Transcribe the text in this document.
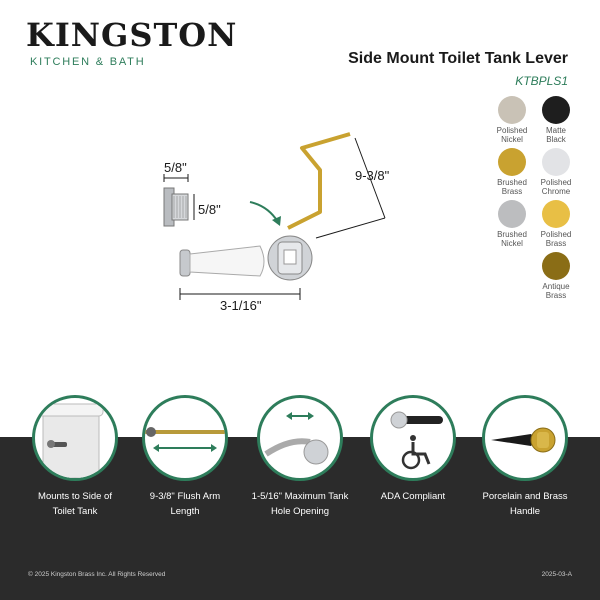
KINGSTON
KITCHEN & BATH	Side Mount Toilet Tank Lever
KTBPLS1
5/8"
5/8"
9-3/8"
3-1/16"
Polished
Nickel
Matte
Black
Brushed
Brass
Polished
Chrome
Brushed
Nickel
Polished
Brass
Antique
Brass
Mounts to Side of
Toilet Tank
9-3/8" Flush Arm
Length
1-5/16" Maximum Tank
Hole Opening
ADA Compliant	Porcelain and Brass
Handle
© 2025 Kingston Brass Inc. All Rights Reserved	2025-03-A
